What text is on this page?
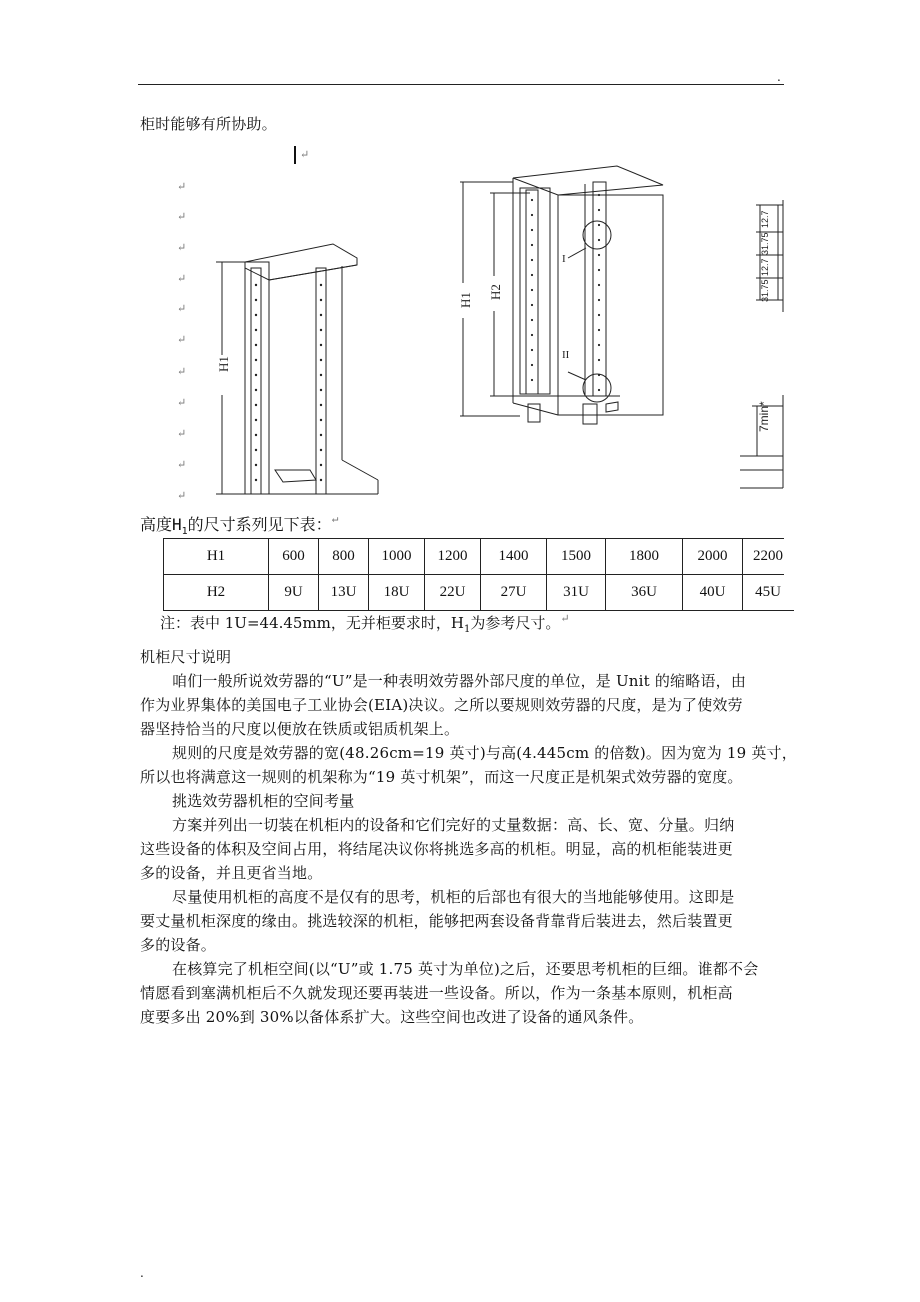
.
柜时能够有所协助。
↵
↵
↵
↵
↵
↵
↵
↵
↵
↵
↵
↵
H1
H1
H2
I
II
12.7
31.75
12.7
31.75
7min*
高度$H_1$的尺寸系列见下表： ↵
H1	600	800	1000	1200	1400	1500	1800	2000	2200
H2	9U	13U	18U	22U	27U	31U	36U	40U	45U
注：表中 1U=44.45mm，无并柜要求时，$H_1$为参考尺寸。 ↵
机柜尺寸说明
咱们一般所说效劳器的“U”是一种表明效劳器外部尺度的单位，是 Unit 的缩略语，由
作为业界集体的美国电子工业协会(EIA)决议。之所以要规则效劳器的尺度，是为了使效劳
器坚持恰当的尺度以便放在铁质或铝质机架上。
规则的尺度是效劳器的宽(48.26cm=19 英寸)与高(4.445cm 的倍数)。因为宽为 19 英寸，
所以也将满意这一规则的机架称为“19 英寸机架”，而这一尺度正是机架式效劳器的宽度。
挑选效劳器机柜的空间考量
方案并列出一切装在机柜内的设备和它们完好的丈量数据：高、长、宽、分量。归纳
这些设备的体积及空间占用，将结尾决议你将挑选多高的机柜。明显，高的机柜能装进更
多的设备，并且更省当地。
尽量使用机柜的高度不是仅有的思考，机柜的后部也有很大的当地能够使用。这即是
要丈量机柜深度的缘由。挑选较深的机柜，能够把两套设备背靠背后装进去，然后装置更
多的设备。
在核算完了机柜空间(以“U”或 1.75 英寸为单位)之后，还要思考机柜的巨细。谁都不会
情愿看到塞满机柜后不久就发现还要再装进一些设备。所以，作为一条基本原则，机柜高
度要多出 20%到 30%以备体系扩大。这些空间也改进了设备的通风条件。
.
